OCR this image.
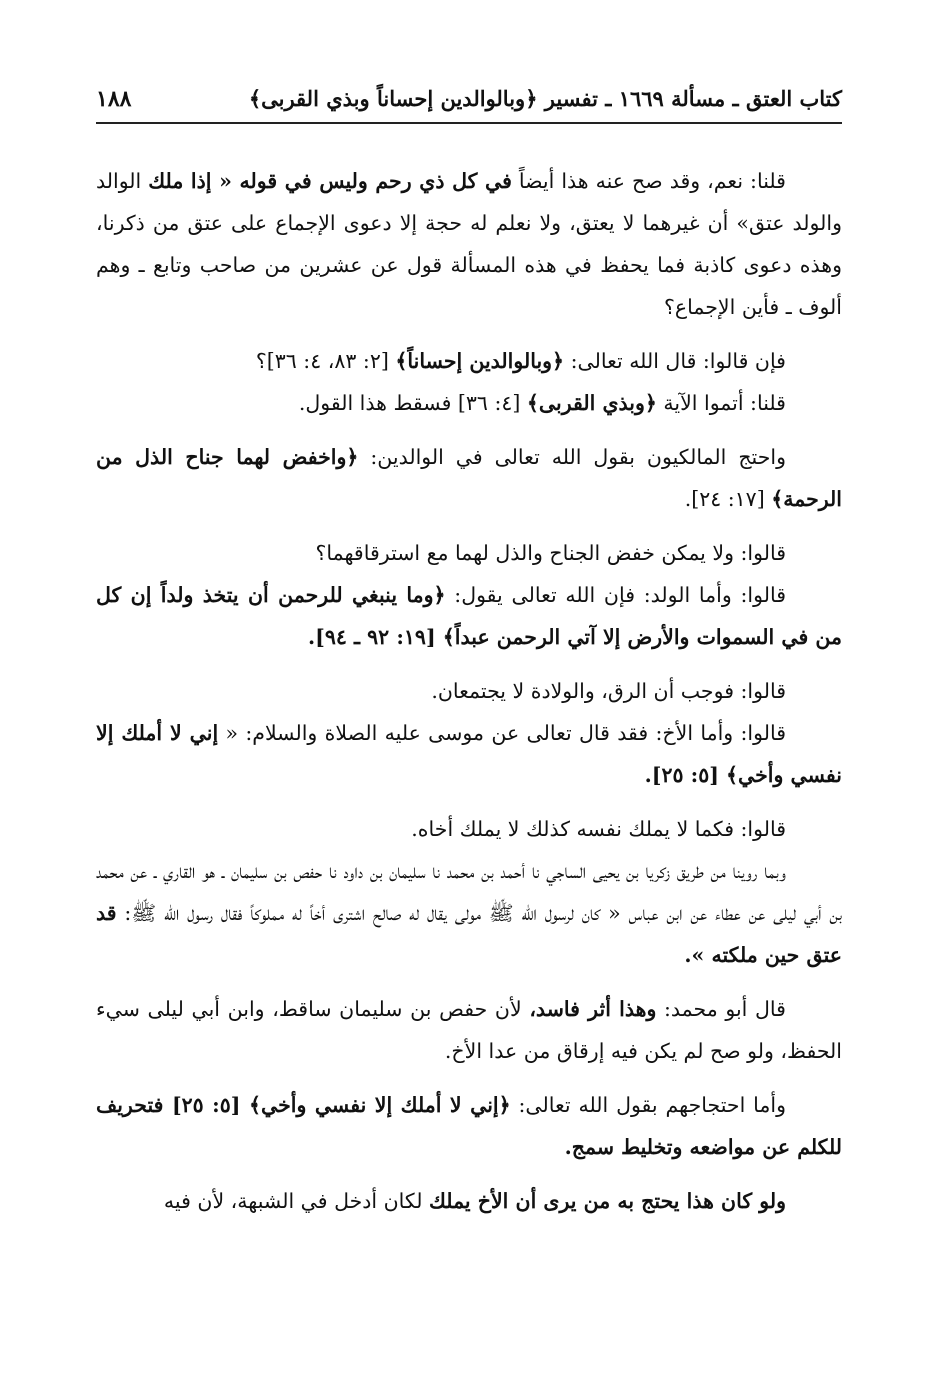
كتاب العتق ـ مسألة ١٦٦٩ ـ تفسير ﴿وبالوالدين إحساناً وبذي القربى﴾
١٨٨

قلنا: نعم، وقد صح عنه هذا أيضاً في كل ذي رحم وليس في قوله « إذا ملك الوالد والولد عتق» أن غيرهما لا يعتق، ولا نعلم له حجة إلا دعوى الإجماع على عتق من ذكرنا، وهذه دعوى كاذبة فما يحفظ في هذه المسألة قول عن عشرين من صاحب وتابع ـ وهم ألوف ـ فأين الإجماع؟

فإن قالوا: قال الله تعالى: ﴿وبالوالدين إحساناً﴾ [٢: ٨٣، ٤: ٣٦]؟

قلنا: أتموا الآية ﴿وبذي القربى﴾ [٤: ٣٦] فسقط هذا القول.

واحتج المالكيون بقول الله تعالى في الوالدين: ﴿واخفض لهما جناح الذل من الرحمة﴾ [١٧: ٢٤].

قالوا: ولا يمكن خفض الجناح والذل لهما مع استرقاقهما؟

قالوا: وأما الولد: فإن الله تعالى يقول: ﴿وما ينبغي للرحمن أن يتخذ ولداً إن كل من في السموات والأرض إلا آتي الرحمن عبداً﴾ [١٩: ٩٢ ـ ٩٤].

قالوا: فوجب أن الرق، والولادة لا يجتمعان.

قالوا: وأما الأخ: فقد قال تعالى عن موسى عليه الصلاة والسلام: « إني لا أملك إلا نفسي وأخي﴾ [٥: ٢٥].

قالوا: فكما لا يملك نفسه كذلك لا يملك أخاه.

وبما روينا من طريق زكريا بن يحيى الساجي نا أحمد بن محمد نا سليمان بن داود نا حفص بن سليمان ـ هو القاري ـ عن محمد بن أبي ليلى عن عطاء عن ابن عباس « كان لرسول الله ﷺ مولى يقال له صالح اشترى أخاً له مملوكاً فقال رسول الله ﷺ: قد عتق حين ملكته ».

قال أبو محمد: وهذا أثر فاسد، لأن حفص بن سليمان ساقط، وابن أبي ليلى سيء الحفظ، ولو صح لم يكن فيه إرقاق من عدا الأخ.

وأما احتجاجهم بقول الله تعالى: ﴿إني لا أملك إلا نفسي وأخي﴾ [٥: ٢٥] فتحريف للكلم عن مواضعه وتخليط سمج.

ولو كان هذا يحتج به من يرى أن الأخ يملك لكان أدخل في الشبهة، لأن فيه
